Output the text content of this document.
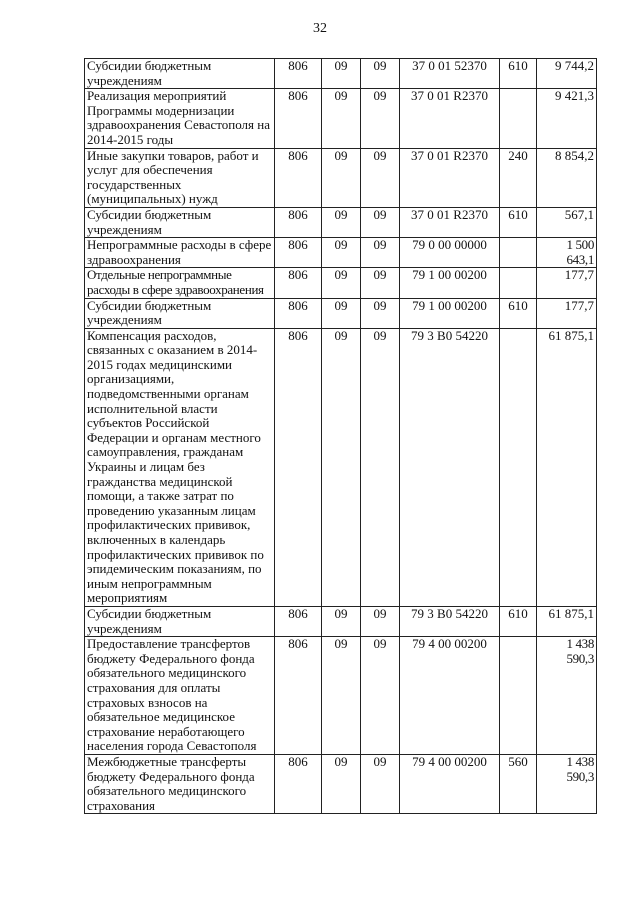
32
Субсидии бюджетным учреждениям	806	09	09	37 0 01 52370	610	9 744,2
Реализация мероприятий Программы модернизации здравоохранения Севастополя на 2014-2015 годы	806	09	09	37 0 01 R2370		9 421,3
Иные закупки товаров, работ и услуг для обеспечения государственных (муниципальных) нужд	806	09	09	37 0 01 R2370	240	8 854,2
Субсидии бюджетным учреждениям	806	09	09	37 0 01 R2370	610	567,1
Непрограммные расходы в сфере здравоохранения	806	09	09	79 0 00 00000		1 500 643,1
Отдельные непрограммные расходы в сфере здравоохранения	806	09	09	79 1 00 00200		177,7
Субсидии бюджетным учреждениям	806	09	09	79 1 00 00200	610	177,7
Компенсация расходов, связанных с оказанием в 2014-2015 годах медицинскими организациями, подведомственными органам исполнительной власти субъектов Российской Федерации и органам местного самоуправления, гражданам Украины и лицам без гражданства медицинской помощи, а также затрат по проведению указанным лицам профилактических прививок, включенных в календарь профилактических прививок по эпидемическим показаниям, по иным непрограммным мероприятиям	806	09	09	79 3 В0 54220		61 875,1
Субсидии бюджетным учреждениям	806	09	09	79 3 В0 54220	610	61 875,1
Предоставление трансфертов бюджету Федерального фонда обязательного медицинского страхования для оплаты страховых взносов на обязательное медицинское страхование неработающего населения города Севастополя	806	09	09	79 4 00 00200		1 438 590,3
Межбюджетные трансферты бюджету Федерального фонда обязательного медицинского страхования	806	09	09	79 4 00 00200	560	1 438 590,3
